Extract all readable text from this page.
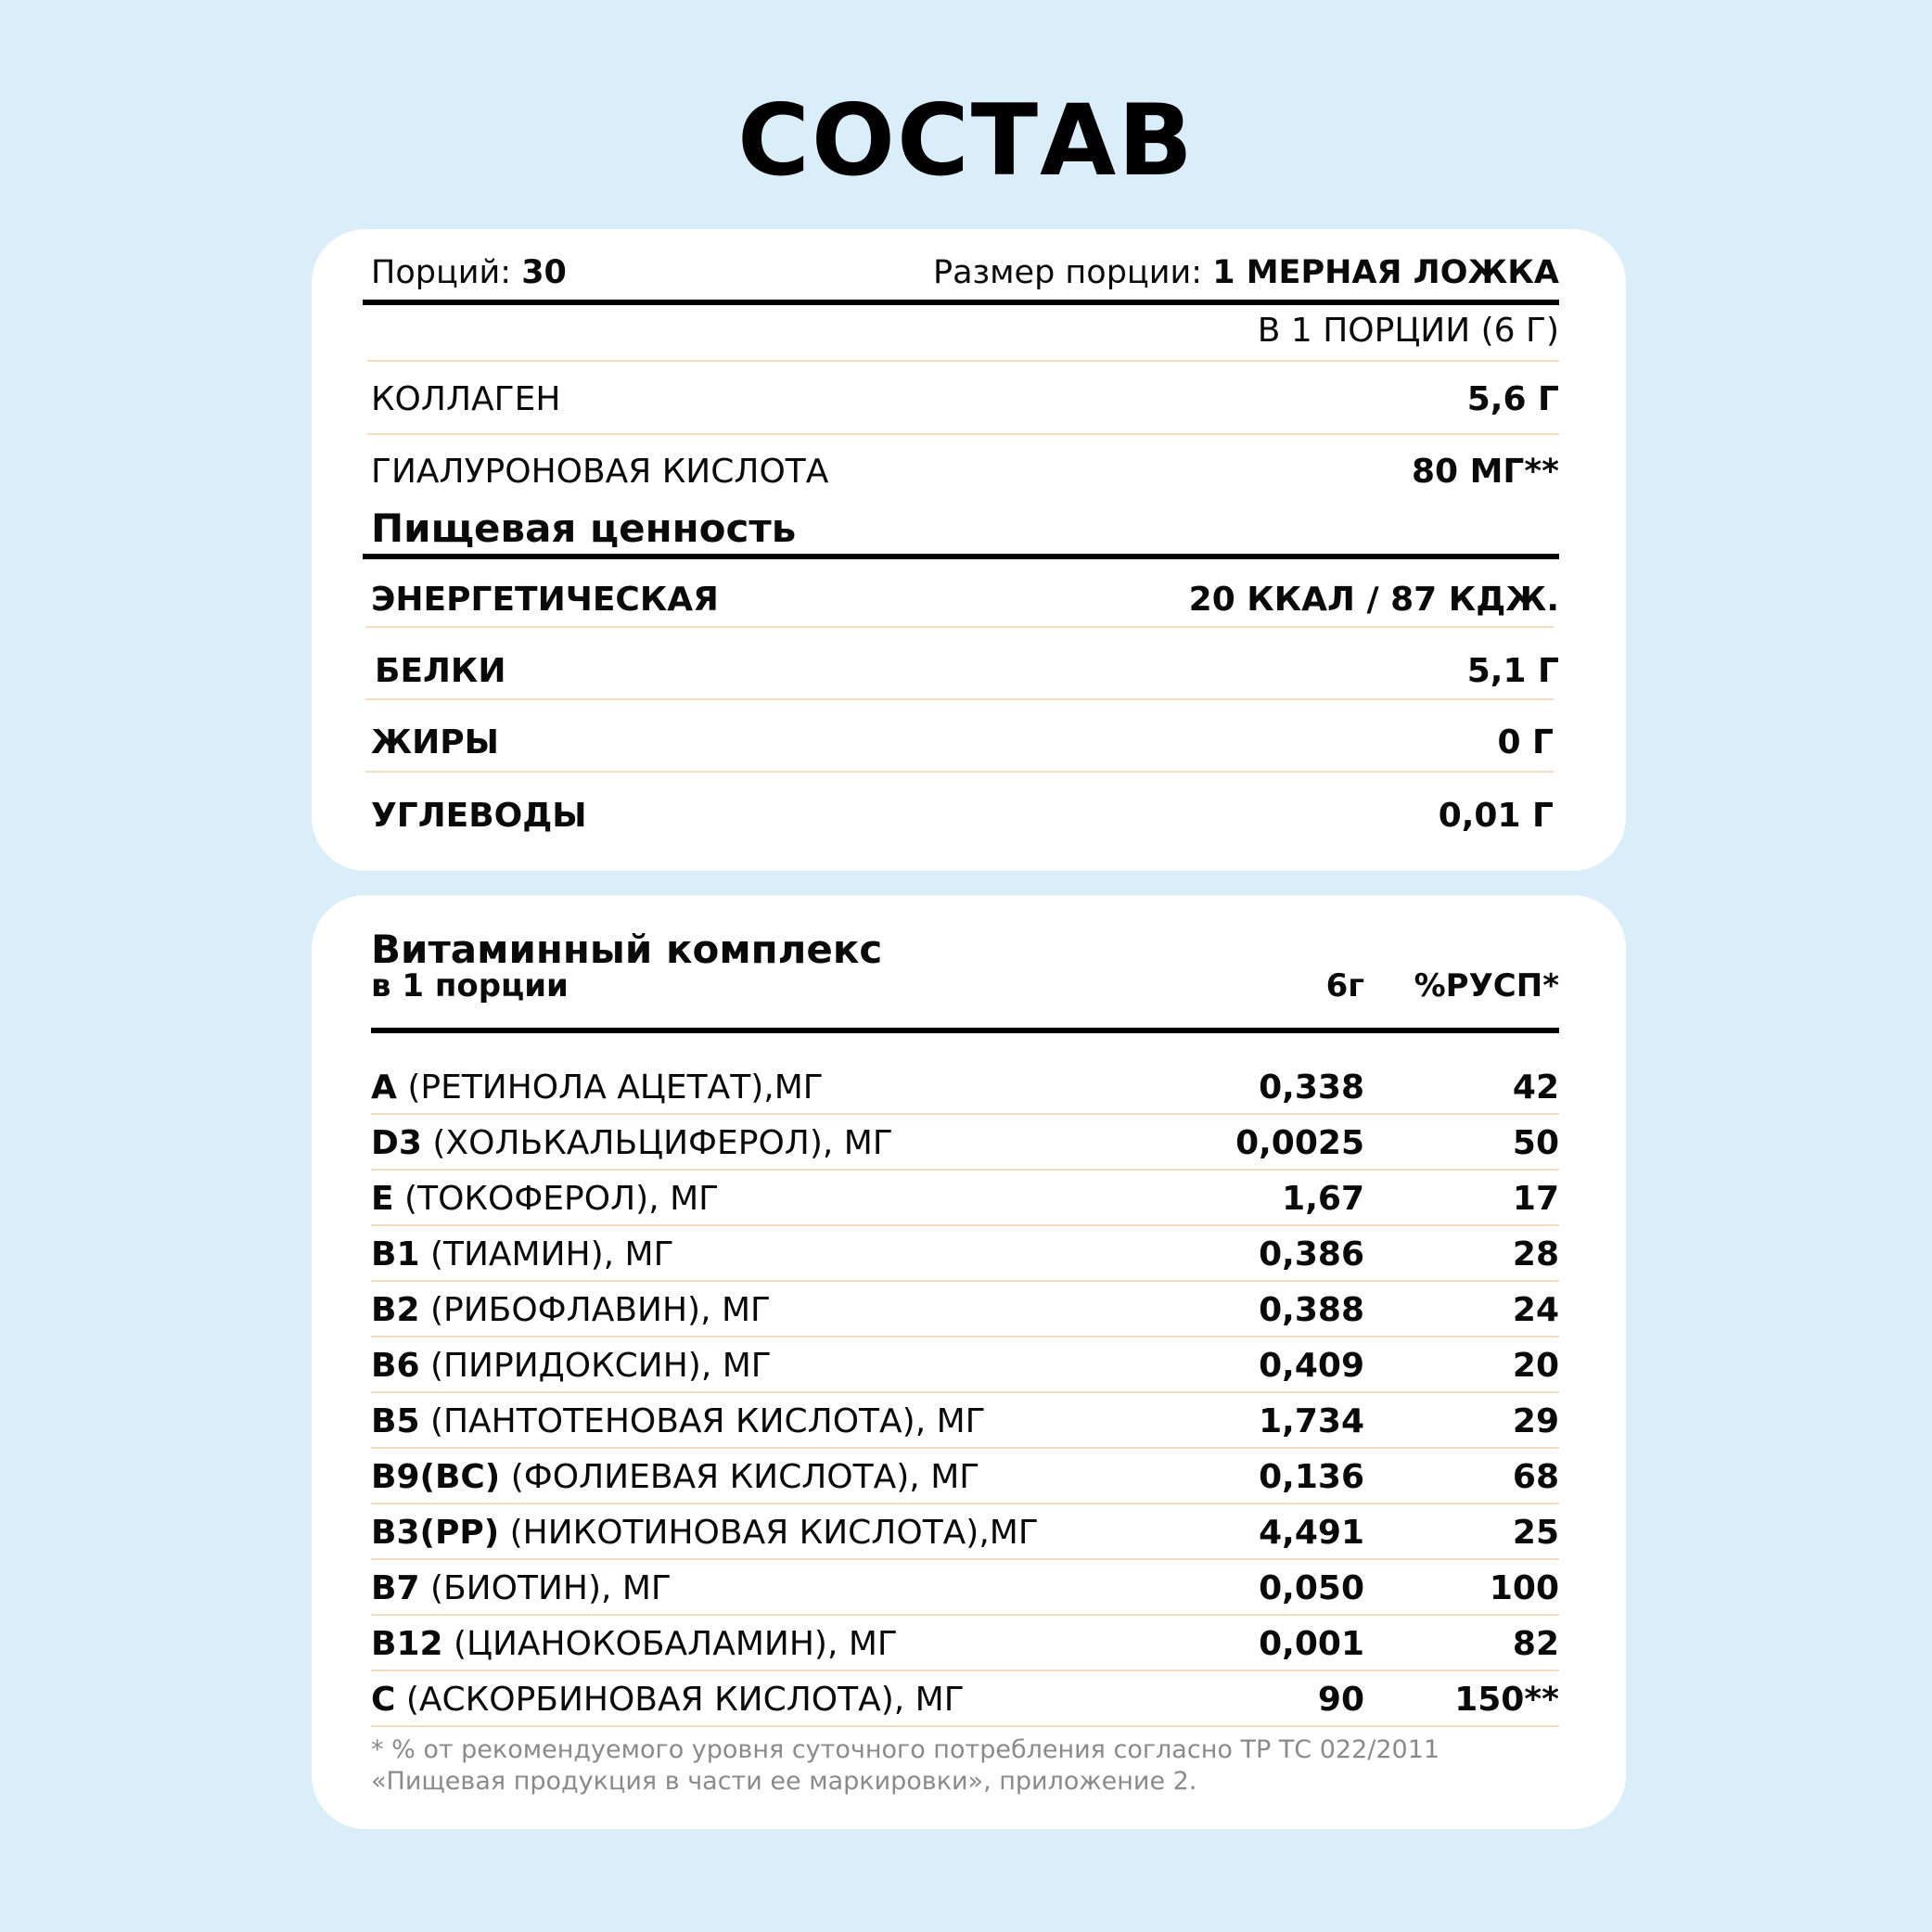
СОСТАВ
Порций: 30	Размер порции: 1 МЕРНАЯ ЛОЖКА
В 1 ПОРЦИИ (6 Г)
КОЛЛАГЕН	5,6 Г
ГИАЛУРОНОВАЯ КИСЛОТА	80 МГ**
Пищевая ценность
ЭНЕРГЕТИЧЕСКАЯ	20 ККАЛ / 87 КДЖ.
БЕЛКИ	5,1 Г
ЖИРЫ	0 Г
УГЛЕВОДЫ	0,01 Г
Витаминный комплекс
в 1 порции	6г	%РУСП*
A (РЕТИНОЛА АЦЕТАТ),МГ	0,338	42
D3 (ХОЛЬКАЛЬЦИФЕРОЛ), МГ	0,0025	50
E (ТОКОФЕРОЛ), МГ	1,67	17
B1 (ТИАМИН), МГ	0,386	28
B2 (РИБОФЛАВИН), МГ	0,388	24
B6 (ПИРИДОКСИН), МГ	0,409	20
B5 (ПАНТОТЕНОВАЯ КИСЛОТА), МГ	1,734	29
B9(BC) (ФОЛИЕВАЯ КИСЛОТА), МГ	0,136	68
B3(PP) (НИКОТИНОВАЯ КИСЛОТА),МГ	4,491	25
B7 (БИОТИН), МГ	0,050	100
B12 (ЦИАНОКОБАЛАМИН), МГ	0,001	82
C (АСКОРБИНОВАЯ КИСЛОТА), МГ	90	150**

* % от рекомендуемого уровня суточного потребления согласно ТР ТС 022/2011 «Пищевая продукция в части ее маркировки», приложение 2.
